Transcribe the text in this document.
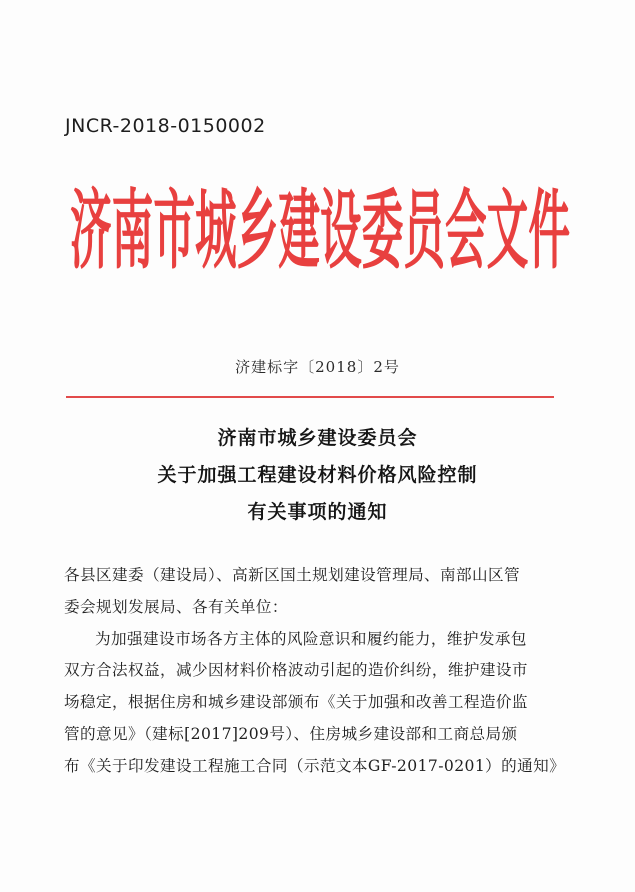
JNCR-2018-0150002
济南市城乡建设委员会文件
济建标字〔2018〕2号
济南市城乡建设委员会
关于加强工程建设材料价格风险控制
有关事项的通知
各县区建委（建设局）、高新区国土规划建设管理局、南部山区管
委会规划发展局、各有关单位：
为加强建设市场各方主体的风险意识和履约能力，维护发承包
双方合法权益，减少因材料价格波动引起的造价纠纷，维护建设市
场稳定，根据住房和城乡建设部颁布《关于加强和改善工程造价监
管的意见》（建标[2017]209号）、住房城乡建设部和工商总局颁
布《关于印发建设工程施工合同（示范文本GF-2017-0201）的通知》
